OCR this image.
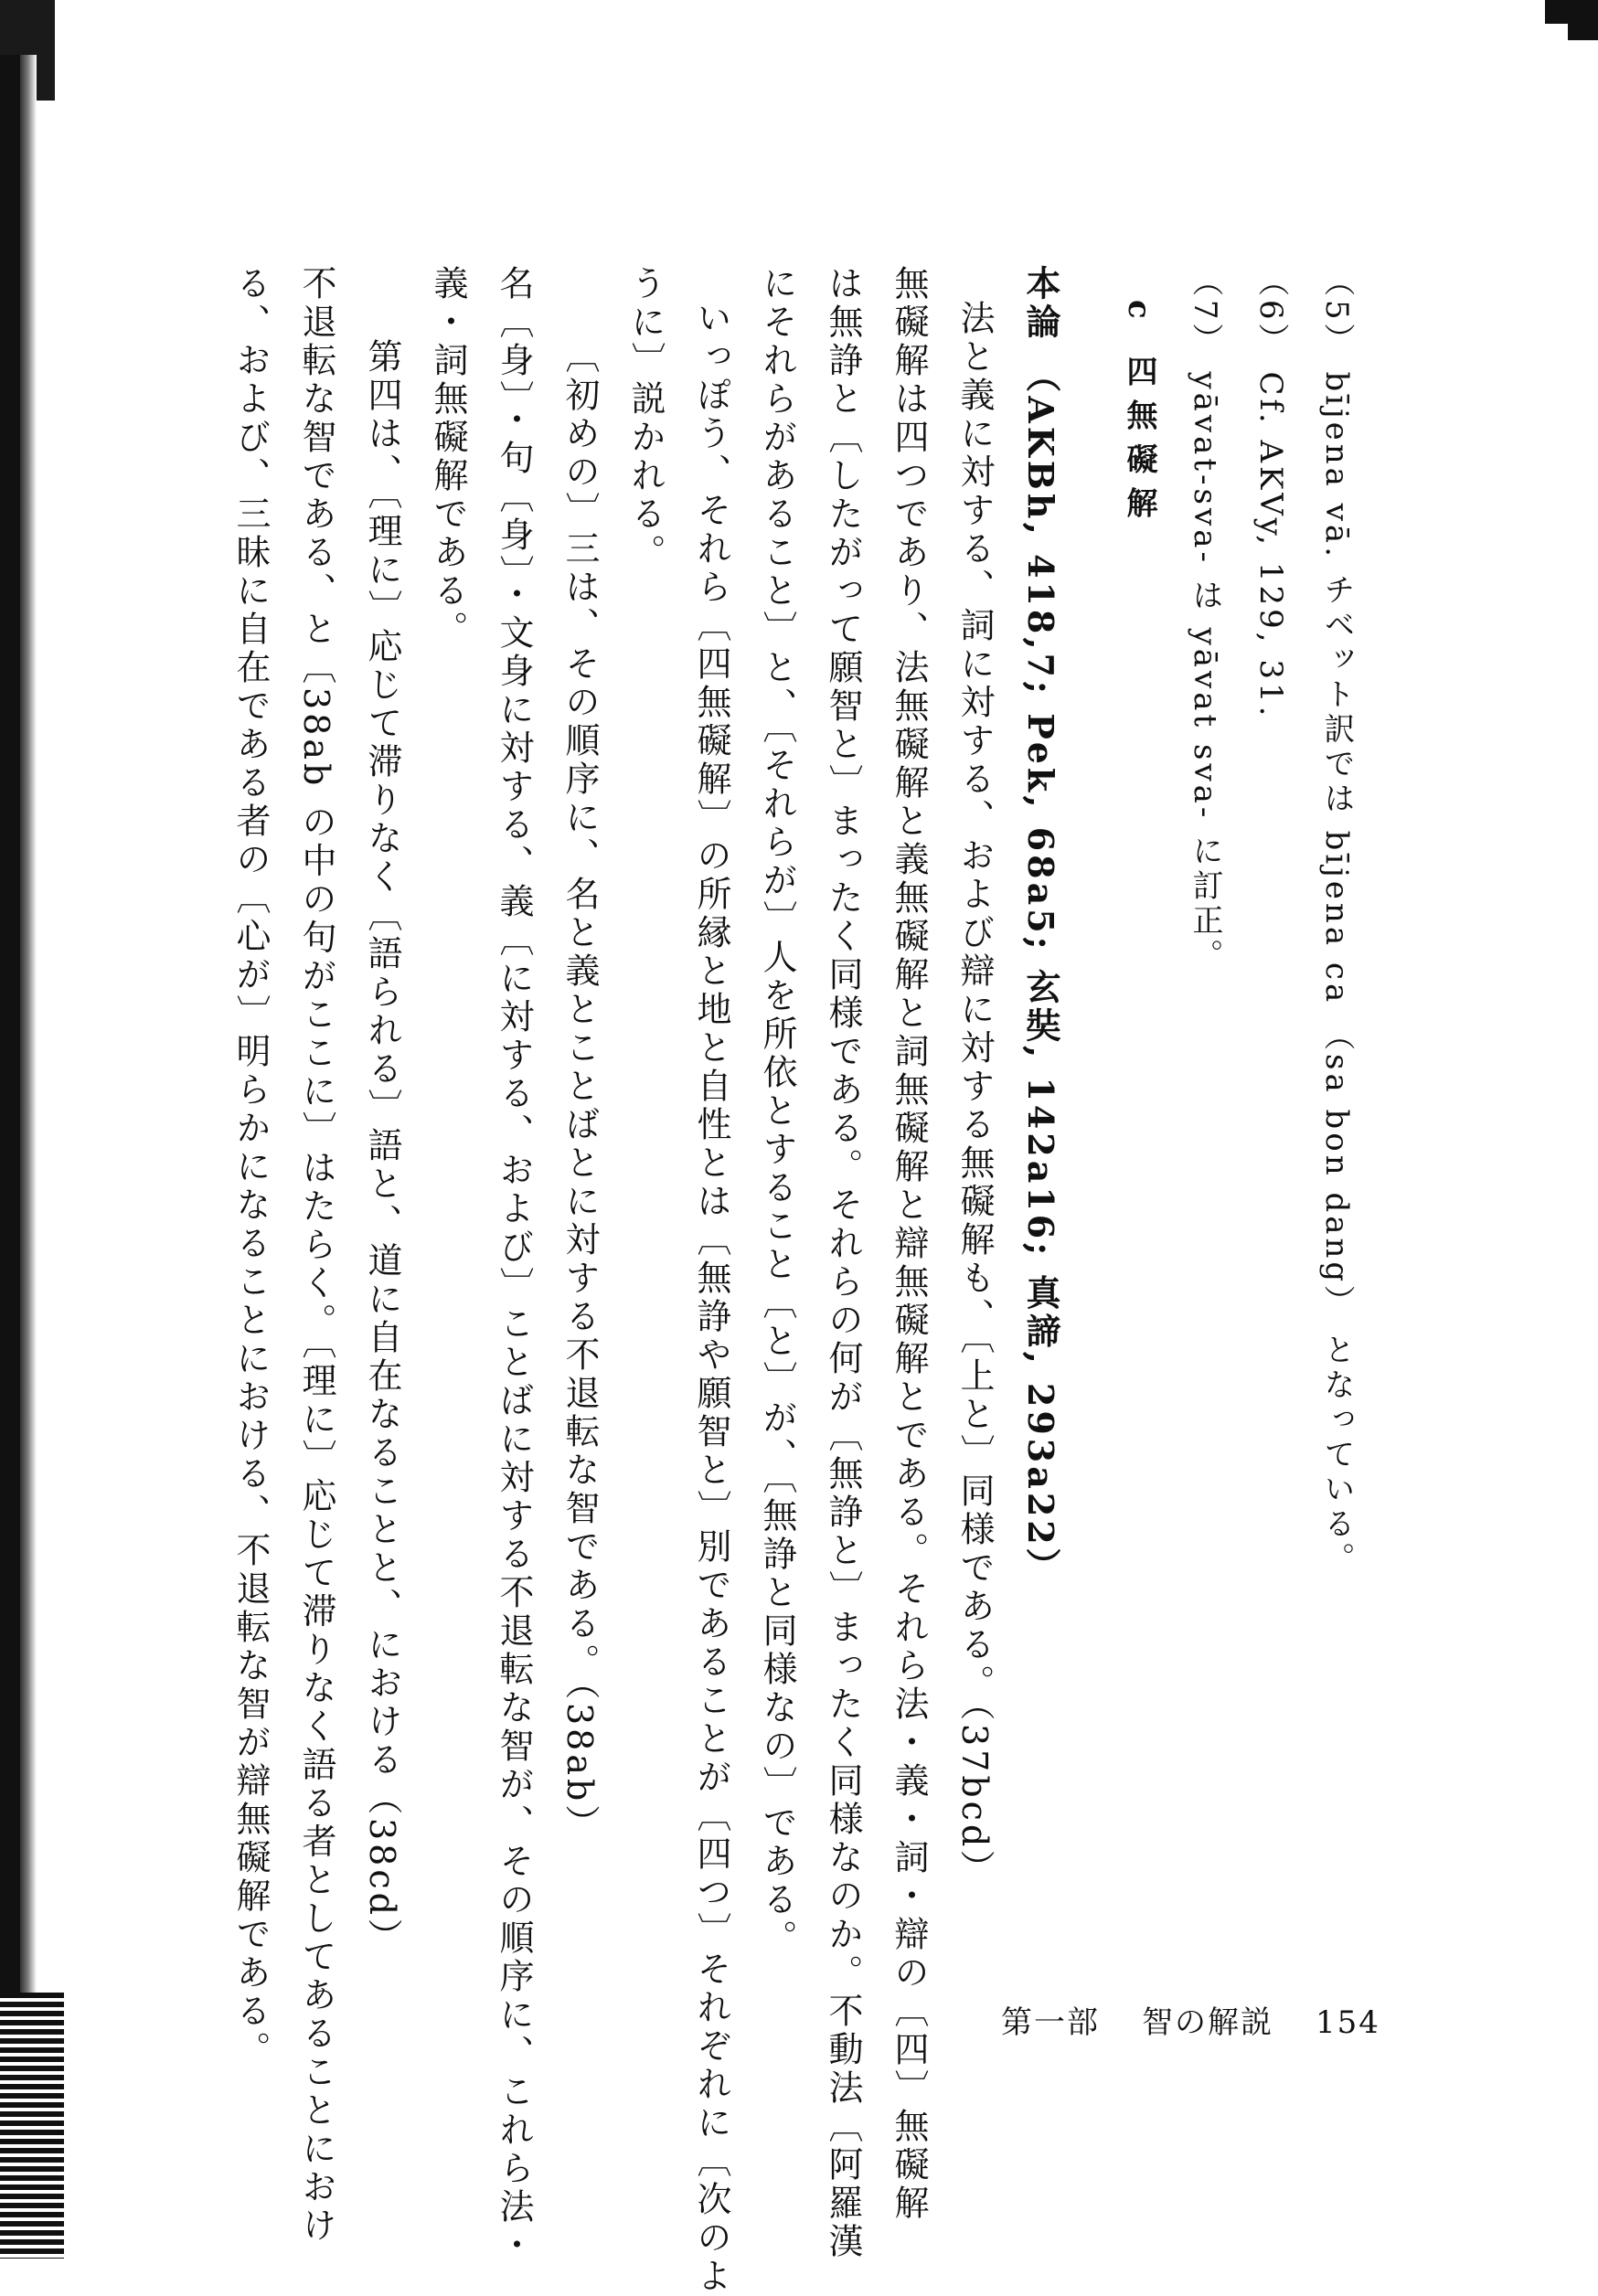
（5） bījena vā. チベット訳では bījena ca （sa bon dang） となっている。

（6） Cf. AKVy, 129, 31.

（7） yāvat-sva- は yāvat sva- に訂正。

c 四無礙解

本論 （AKBh, 418,7; Pek, 68a5; 玄奘, 142a16; 真諦, 293a22）

法と義に対する、詞に対する、および辯に対する無礙解も、〔上と〕同様である。（37bcd）

無礙解は四つであり、法無礙解と義無礙解と詞無礙解と辯無礙解とである。それら法・義・詞・辯の〔四〕無礙解

は無諍と〔したがって願智と〕まったく同様である。それらの何が〔無諍と〕まったく同様なのか。不動法〔阿羅漢

にそれらがあること〕と、〔それらが〕人を所依とすること〔と〕が、〔無諍と同様なの〕である。

いっぽう、それら〔四無礙解〕の所縁と地と自性とは〔無諍や願智と〕別であることが〔四つ〕それぞれに〔次のよ

うに〕説かれる。

〔初めの〕三は、その順序に、名と義とことばとに対する不退転な智である。（38ab）

名〔身〕・句〔身〕・文身に対する、義〔に対する、および〕ことばに対する不退転な智が、その順序に、これら法・

義・詞無礙解である。

第四は、〔理に〕応じて滞りなく〔語られる〕語と、道に自在なることと、における（38cd）

不退転な智である、と〔38ab の中の句がここに〕はたらく。〔理に〕応じて滞りなく語る者としてあることにおけ

る、および、三昧に自在である者の〔心が〕明らかになることにおける、不退転な智が辯無礙解である。	第一部 智の解説 154
